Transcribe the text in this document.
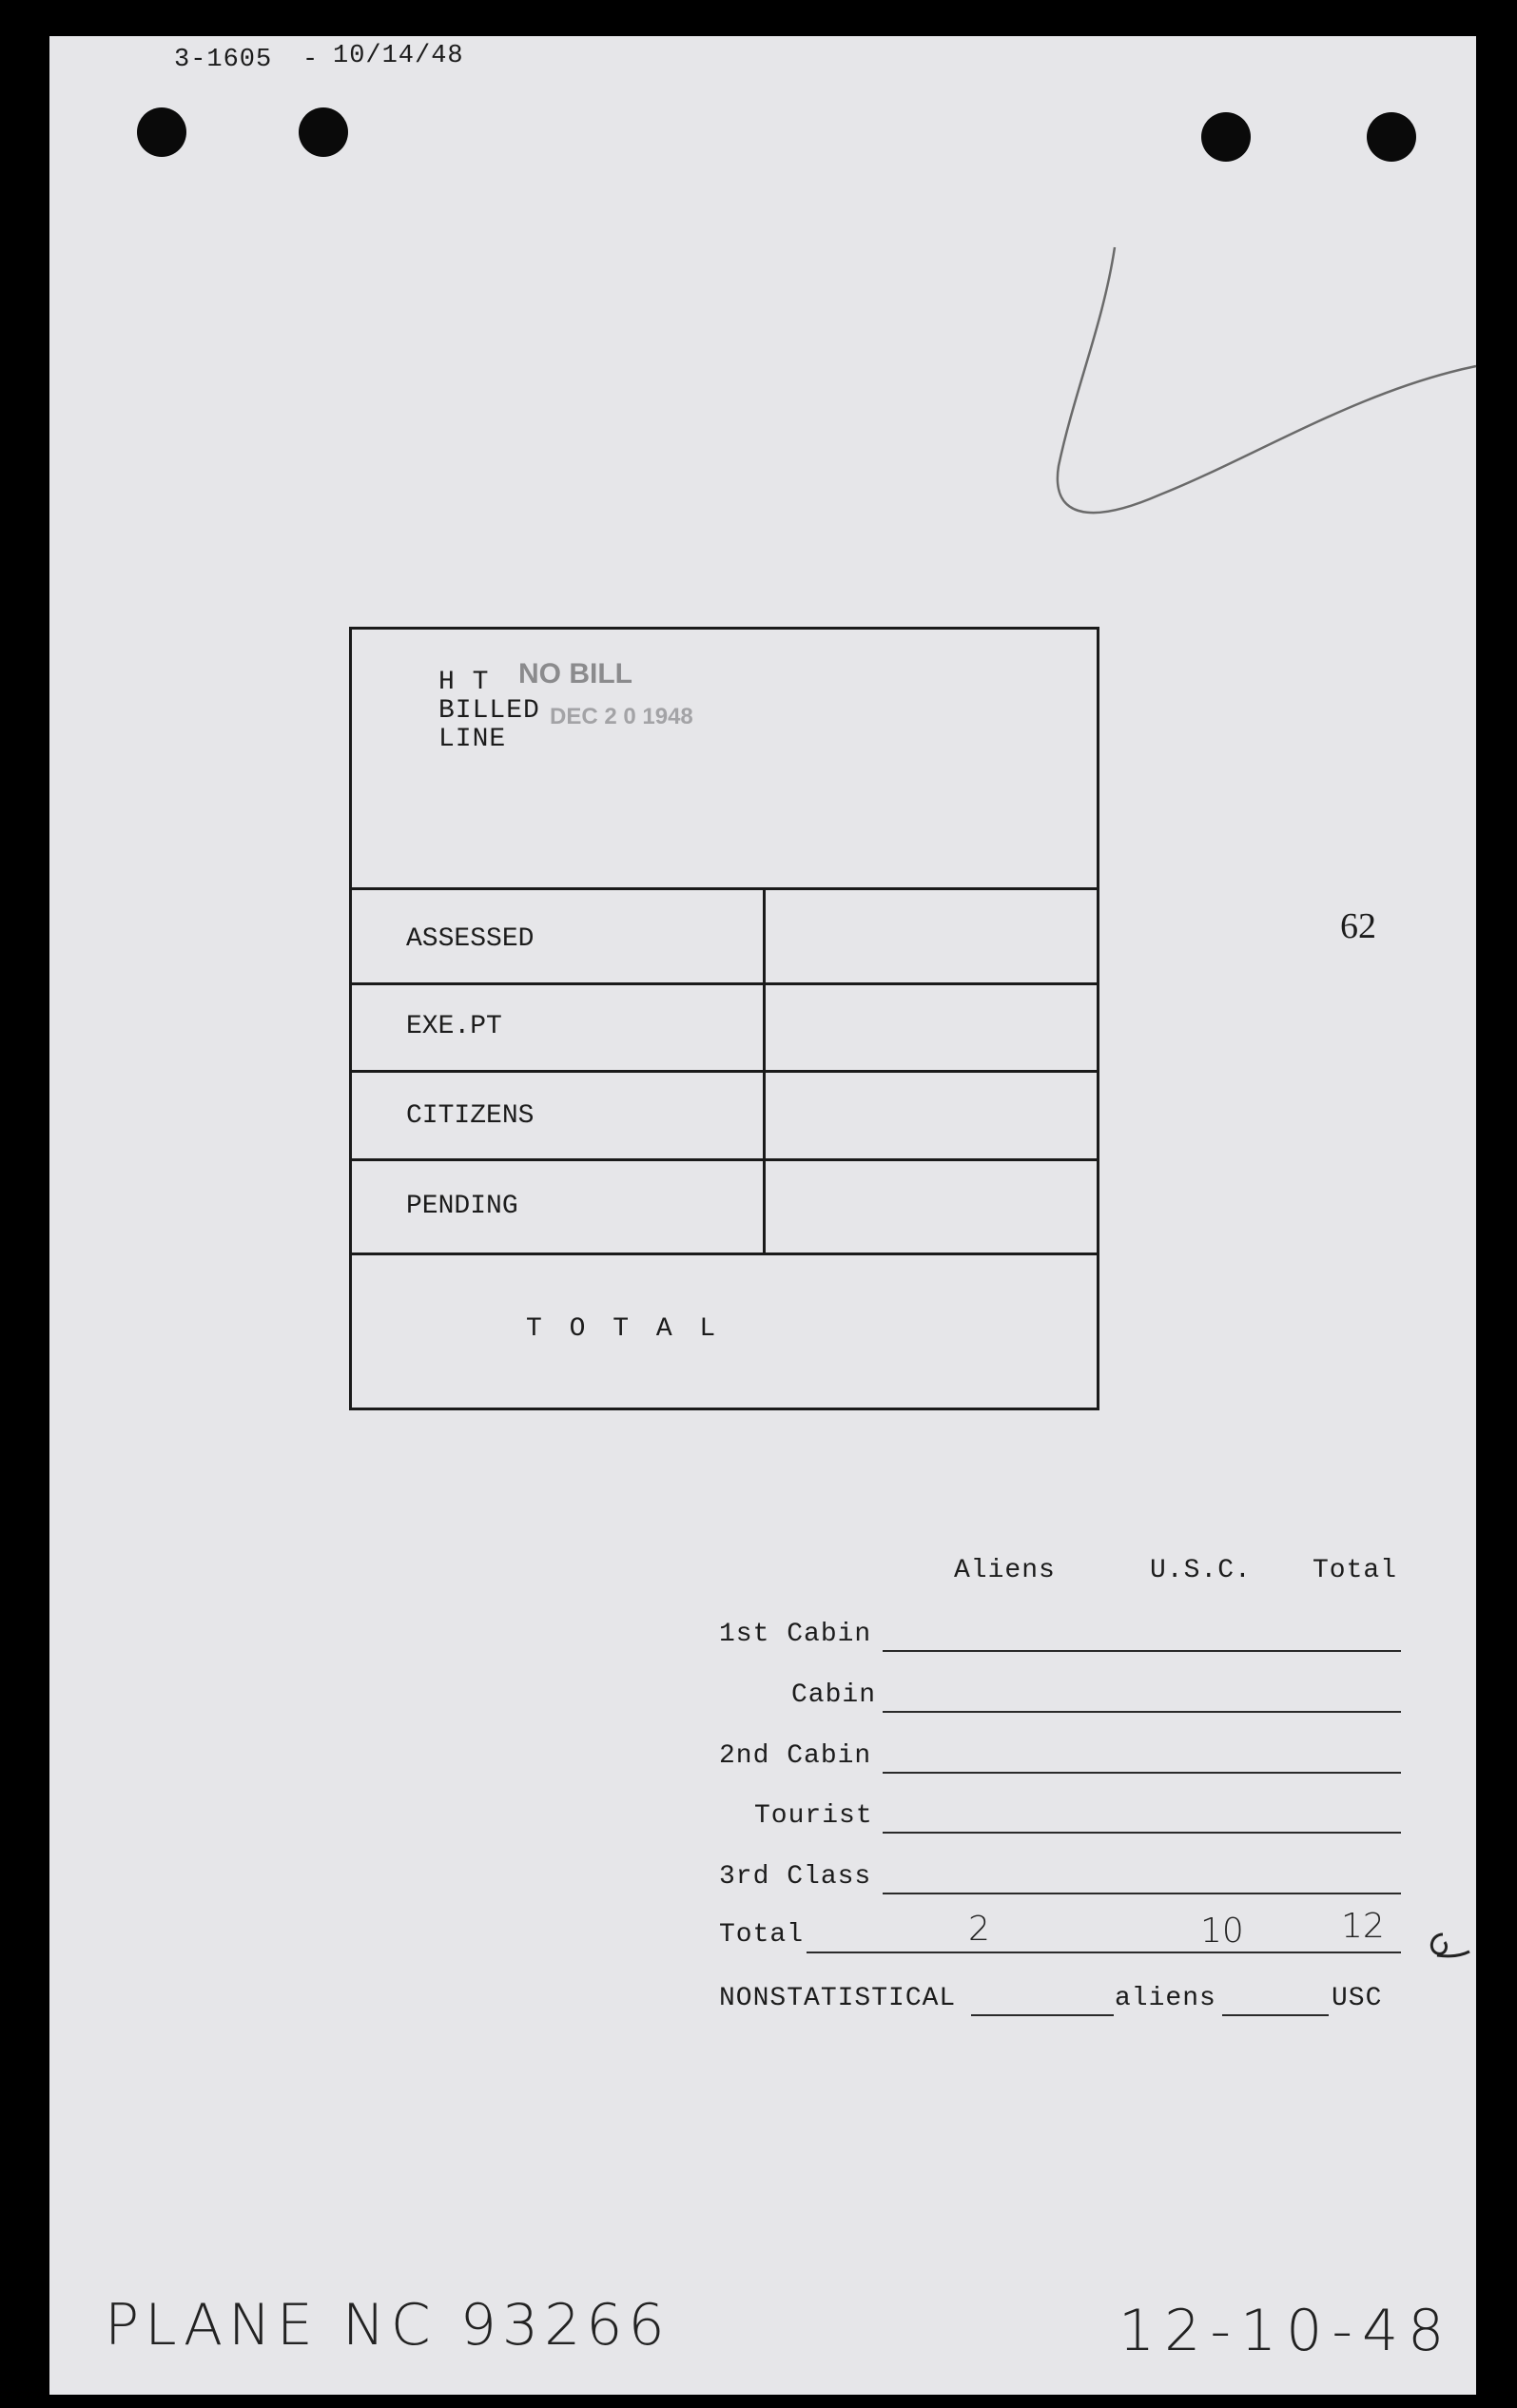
3-1605 - 10/14/48
H T
BILLED
LINE
NO BILL
DEC 2 0 1948
ASSESSED
EXE.PT
CITIZENS
PENDING
T O T A L
62
Aliens	U.S.C. Total
1st Cabin
Cabin
2nd Cabin
Tourist
3rd Class
Total	2	10	12
NONSTATISTICAL	aliens	USC
PLANE NC 93266	12-10-48
